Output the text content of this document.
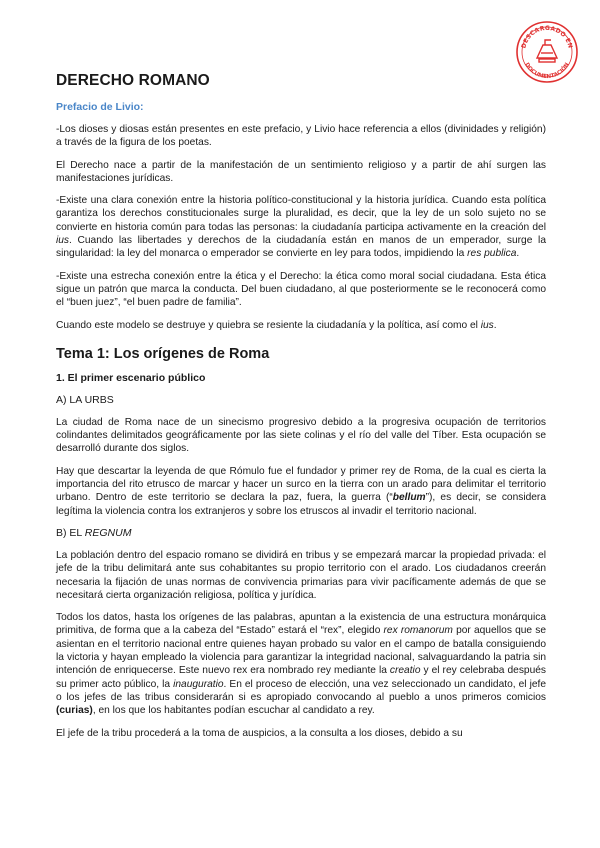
DESCARGADO EN
DOCUMENTACIÓN
DERECHO ROMANO
Prefacio de Livio:

-Los dioses y diosas están presentes en este prefacio, y Livio hace referencia a ellos (divinidades y religión) a través de la figura de los poetas.

El Derecho nace a partir de la manifestación de un sentimiento religioso y a partir de ahí surgen las manifestaciones jurídicas.

-Existe una clara conexión entre la historia político-constitucional y la historia jurídica. Cuando esta política garantiza los derechos constitucionales surge la pluralidad, es decir, que la ley de un solo sujeto no se convierte en historia común para todas las personas: la ciudadanía participa activamente en la creación del ius. Cuando las libertades y derechos de la ciudadanía están en manos de un emperador, surge la singularidad: la ley del monarca o emperador se convierte en ley para todos, impidiendo la res publica.

-Existe una estrecha conexión entre la ética y el Derecho: la ética como moral social ciudadana. Esta ética sigue un patrón que marca la conducta. Del buen ciudadano, al que posteriormente se le reconocerá como el “buen juez”, “el buen padre de familia”.

Cuando este modelo se destruye y quiebra se resiente la ciudadanía y la política, así como el ius.

Tema 1: Los orígenes de Roma
1. El primer escenario público
A) LA URBS

La ciudad de Roma nace de un sinecismo progresivo debido a la progresiva ocupación de territorios colindantes delimitados geográficamente por las siete colinas y el río del valle del Tíber. Esta ocupación se desarrolló durante dos siglos.

Hay que descartar la leyenda de que Rómulo fue el fundador y primer rey de Roma, de la cual es cierta la importancia del rito etrusco de marcar y hacer un surco en la tierra con un arado para delimitar el territorio urbano. Dentro de este territorio se declara la paz, fuera, la guerra (“bellum”), es decir, se considera legítima la violencia contra los extranjeros y sobre los etruscos al invadir el territorio nacional.

B) EL REGNUM

La población dentro del espacio romano se dividirá en tribus y se empezará marcar la propiedad privada: el jefe de la tribu delimitará ante sus cohabitantes su propio territorio con el arado. Los ciudadanos creerán necesaria la fijación de unas normas de convivencia primarias para vivir pacíficamente además de que se necesitará cierta organización religiosa, política y jurídica.

Todos los datos, hasta los orígenes de las palabras, apuntan a la existencia de una estructura monárquica primitiva, de forma que a la cabeza del “Estado” estará el “rex”, elegido rex romanorum por aquellos que se asientan en el territorio nacional entre quienes hayan probado su valor en el campo de batalla consiguiendo la victoria y hayan empleado la violencia para garantizar la integridad nacional, salvaguardando la patria sin intención de enriquecerse. Este nuevo rex era nombrado rey mediante la creatio y el rey celebraba después su primer acto público, la inauguratio. En el proceso de elección, una vez seleccionado un candidato, el jefe o los jefes de las tribus considerarán si es apropiado convocando al pueblo a unos primeros comicios (curias), en los que los habitantes podían escuchar al candidato a rey.

El jefe de la tribu procederá a la toma de auspicios, a la consulta a los dioses, debido a su
